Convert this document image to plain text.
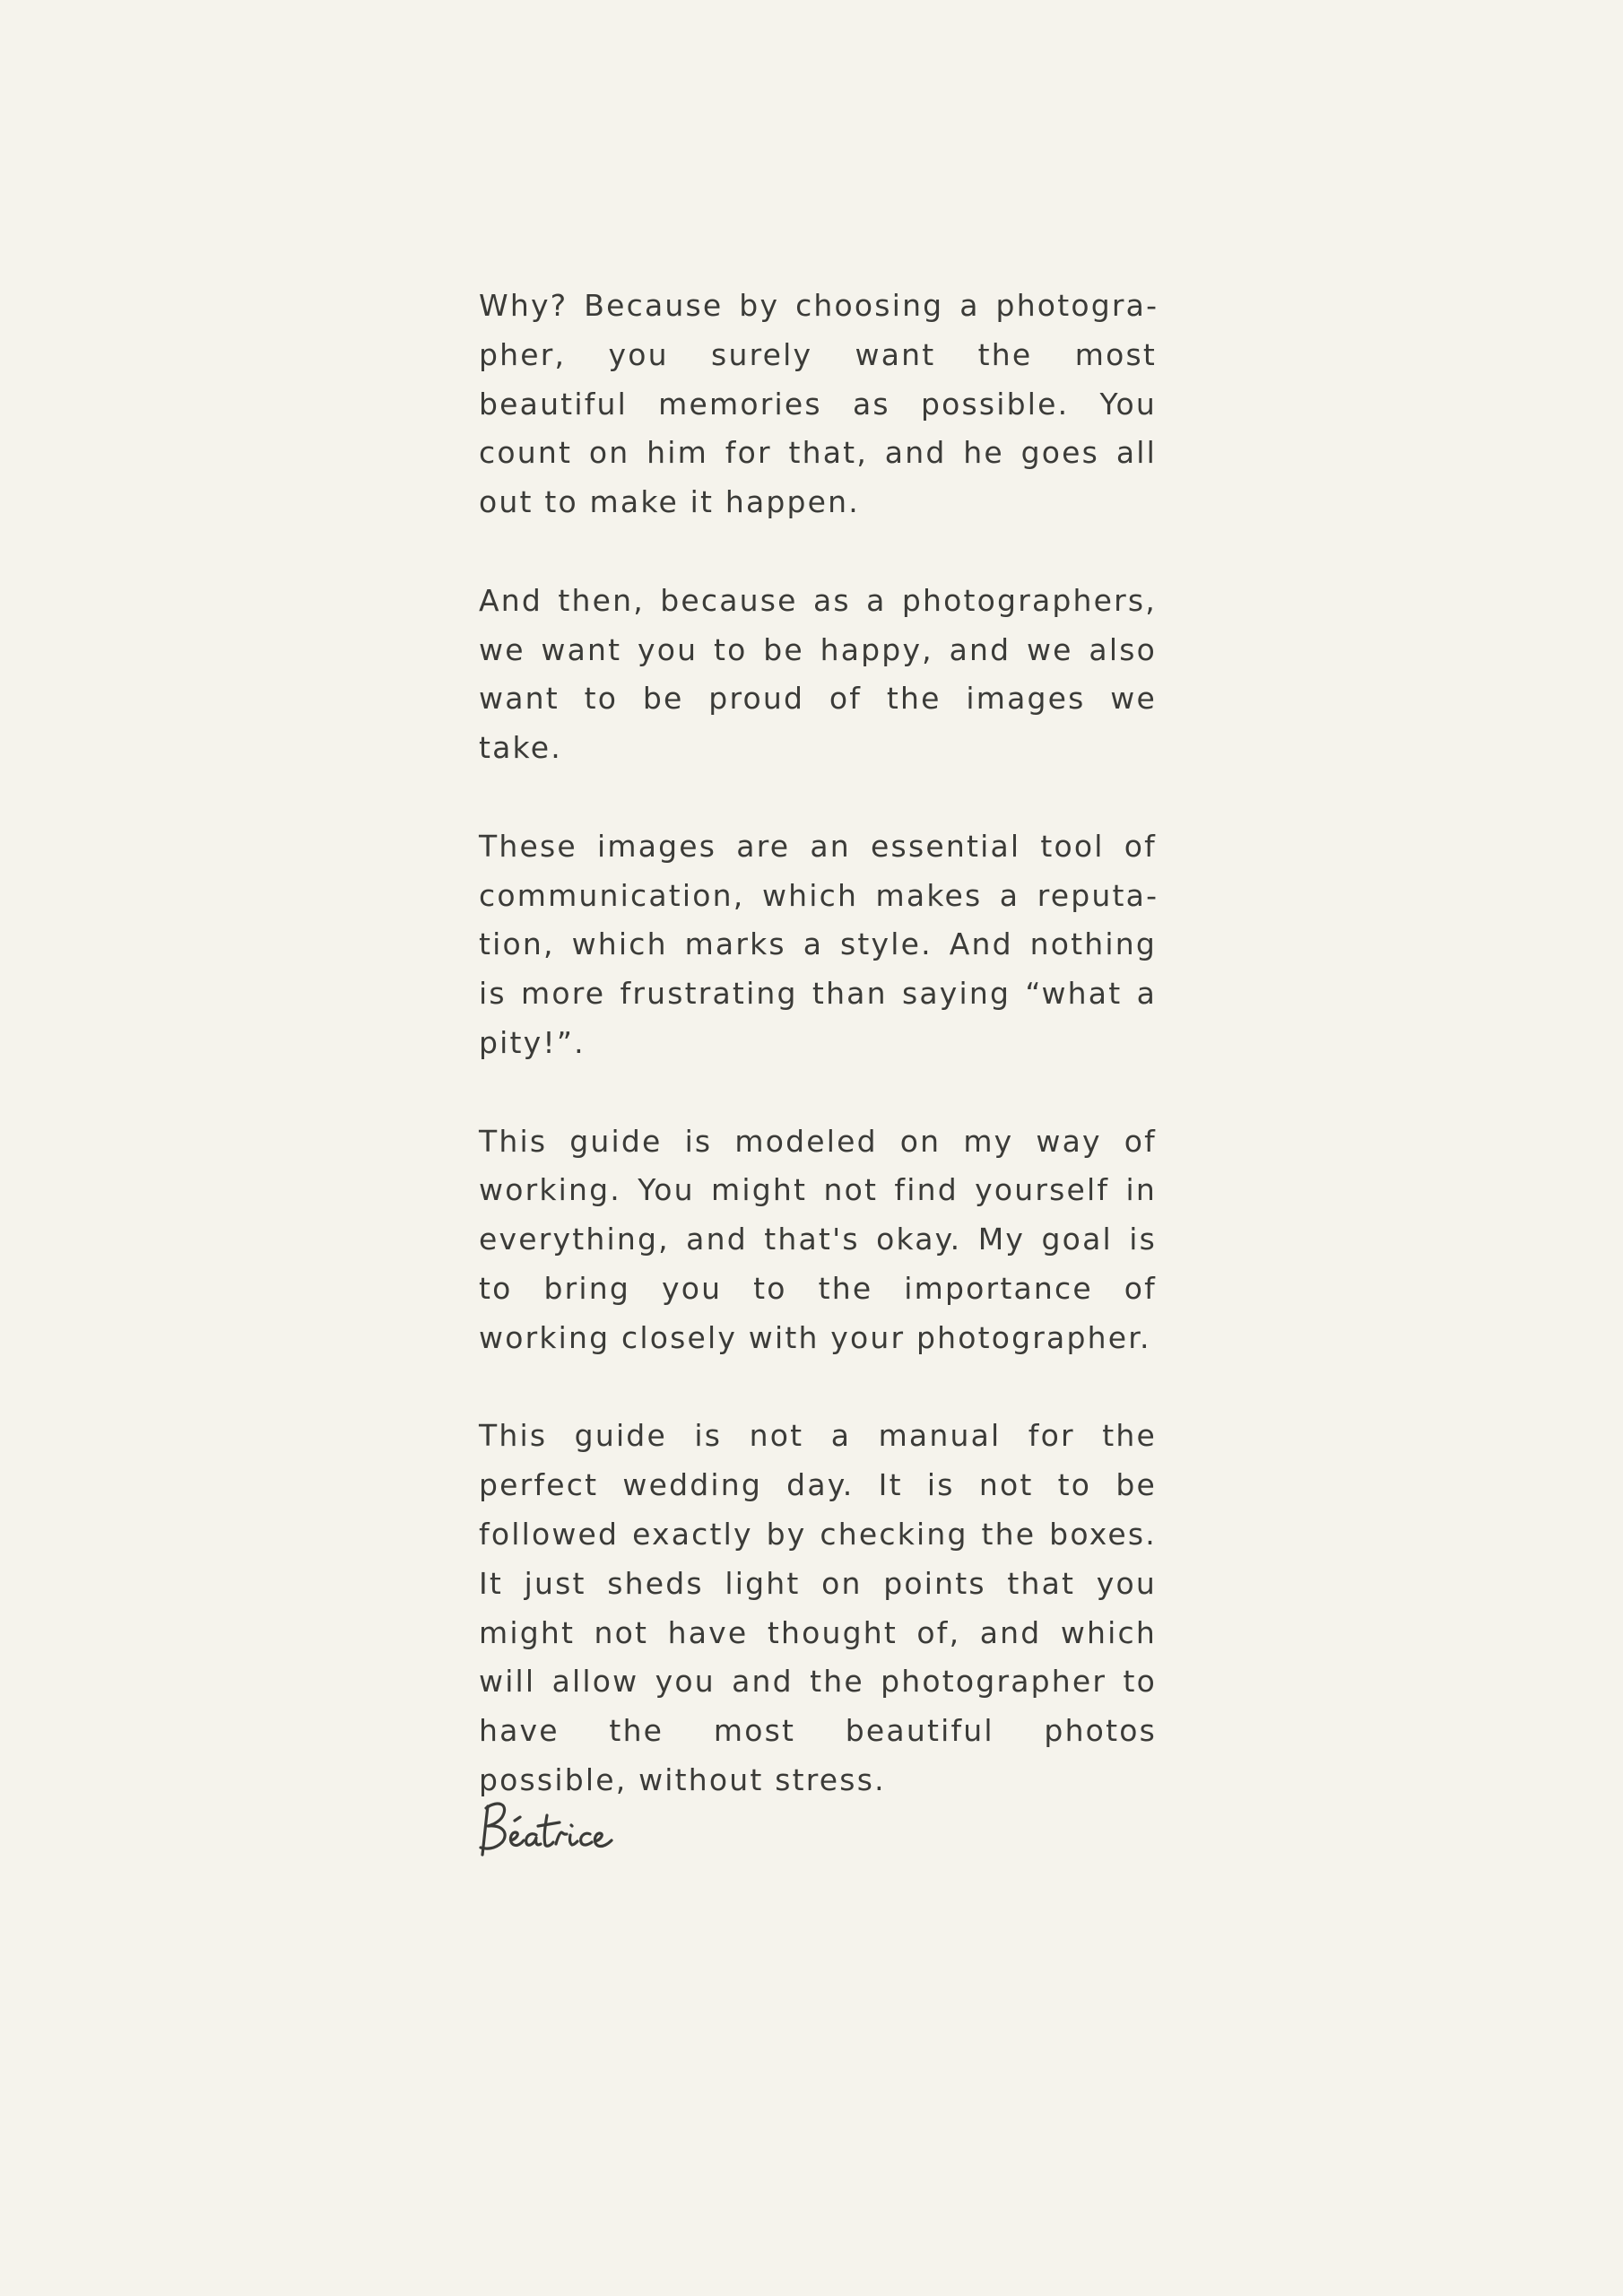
Why? Because by choosing a photographer, you surely want the most beautiful memories as possible. You count on him for that, and he goes all out to make it happen.

And then, because as a photographers, we want you to be happy, and we also want to be proud of the images we take.

These images are an essential tool of communication, which makes a reputation, which marks a style. And nothing is more frustrating than saying “what a pity!”.

This guide is modeled on my way of working. You might not find yourself in everything, and that's okay. My goal is to bring you to the importance of working closely with your photographer.

This guide is not a manual for the perfect wedding day. It is not to be followed exactly by checking the boxes. It just sheds light on points that you might not have thought of, and which will allow you and the photographer to have the most beautiful photos possible, without stress.
